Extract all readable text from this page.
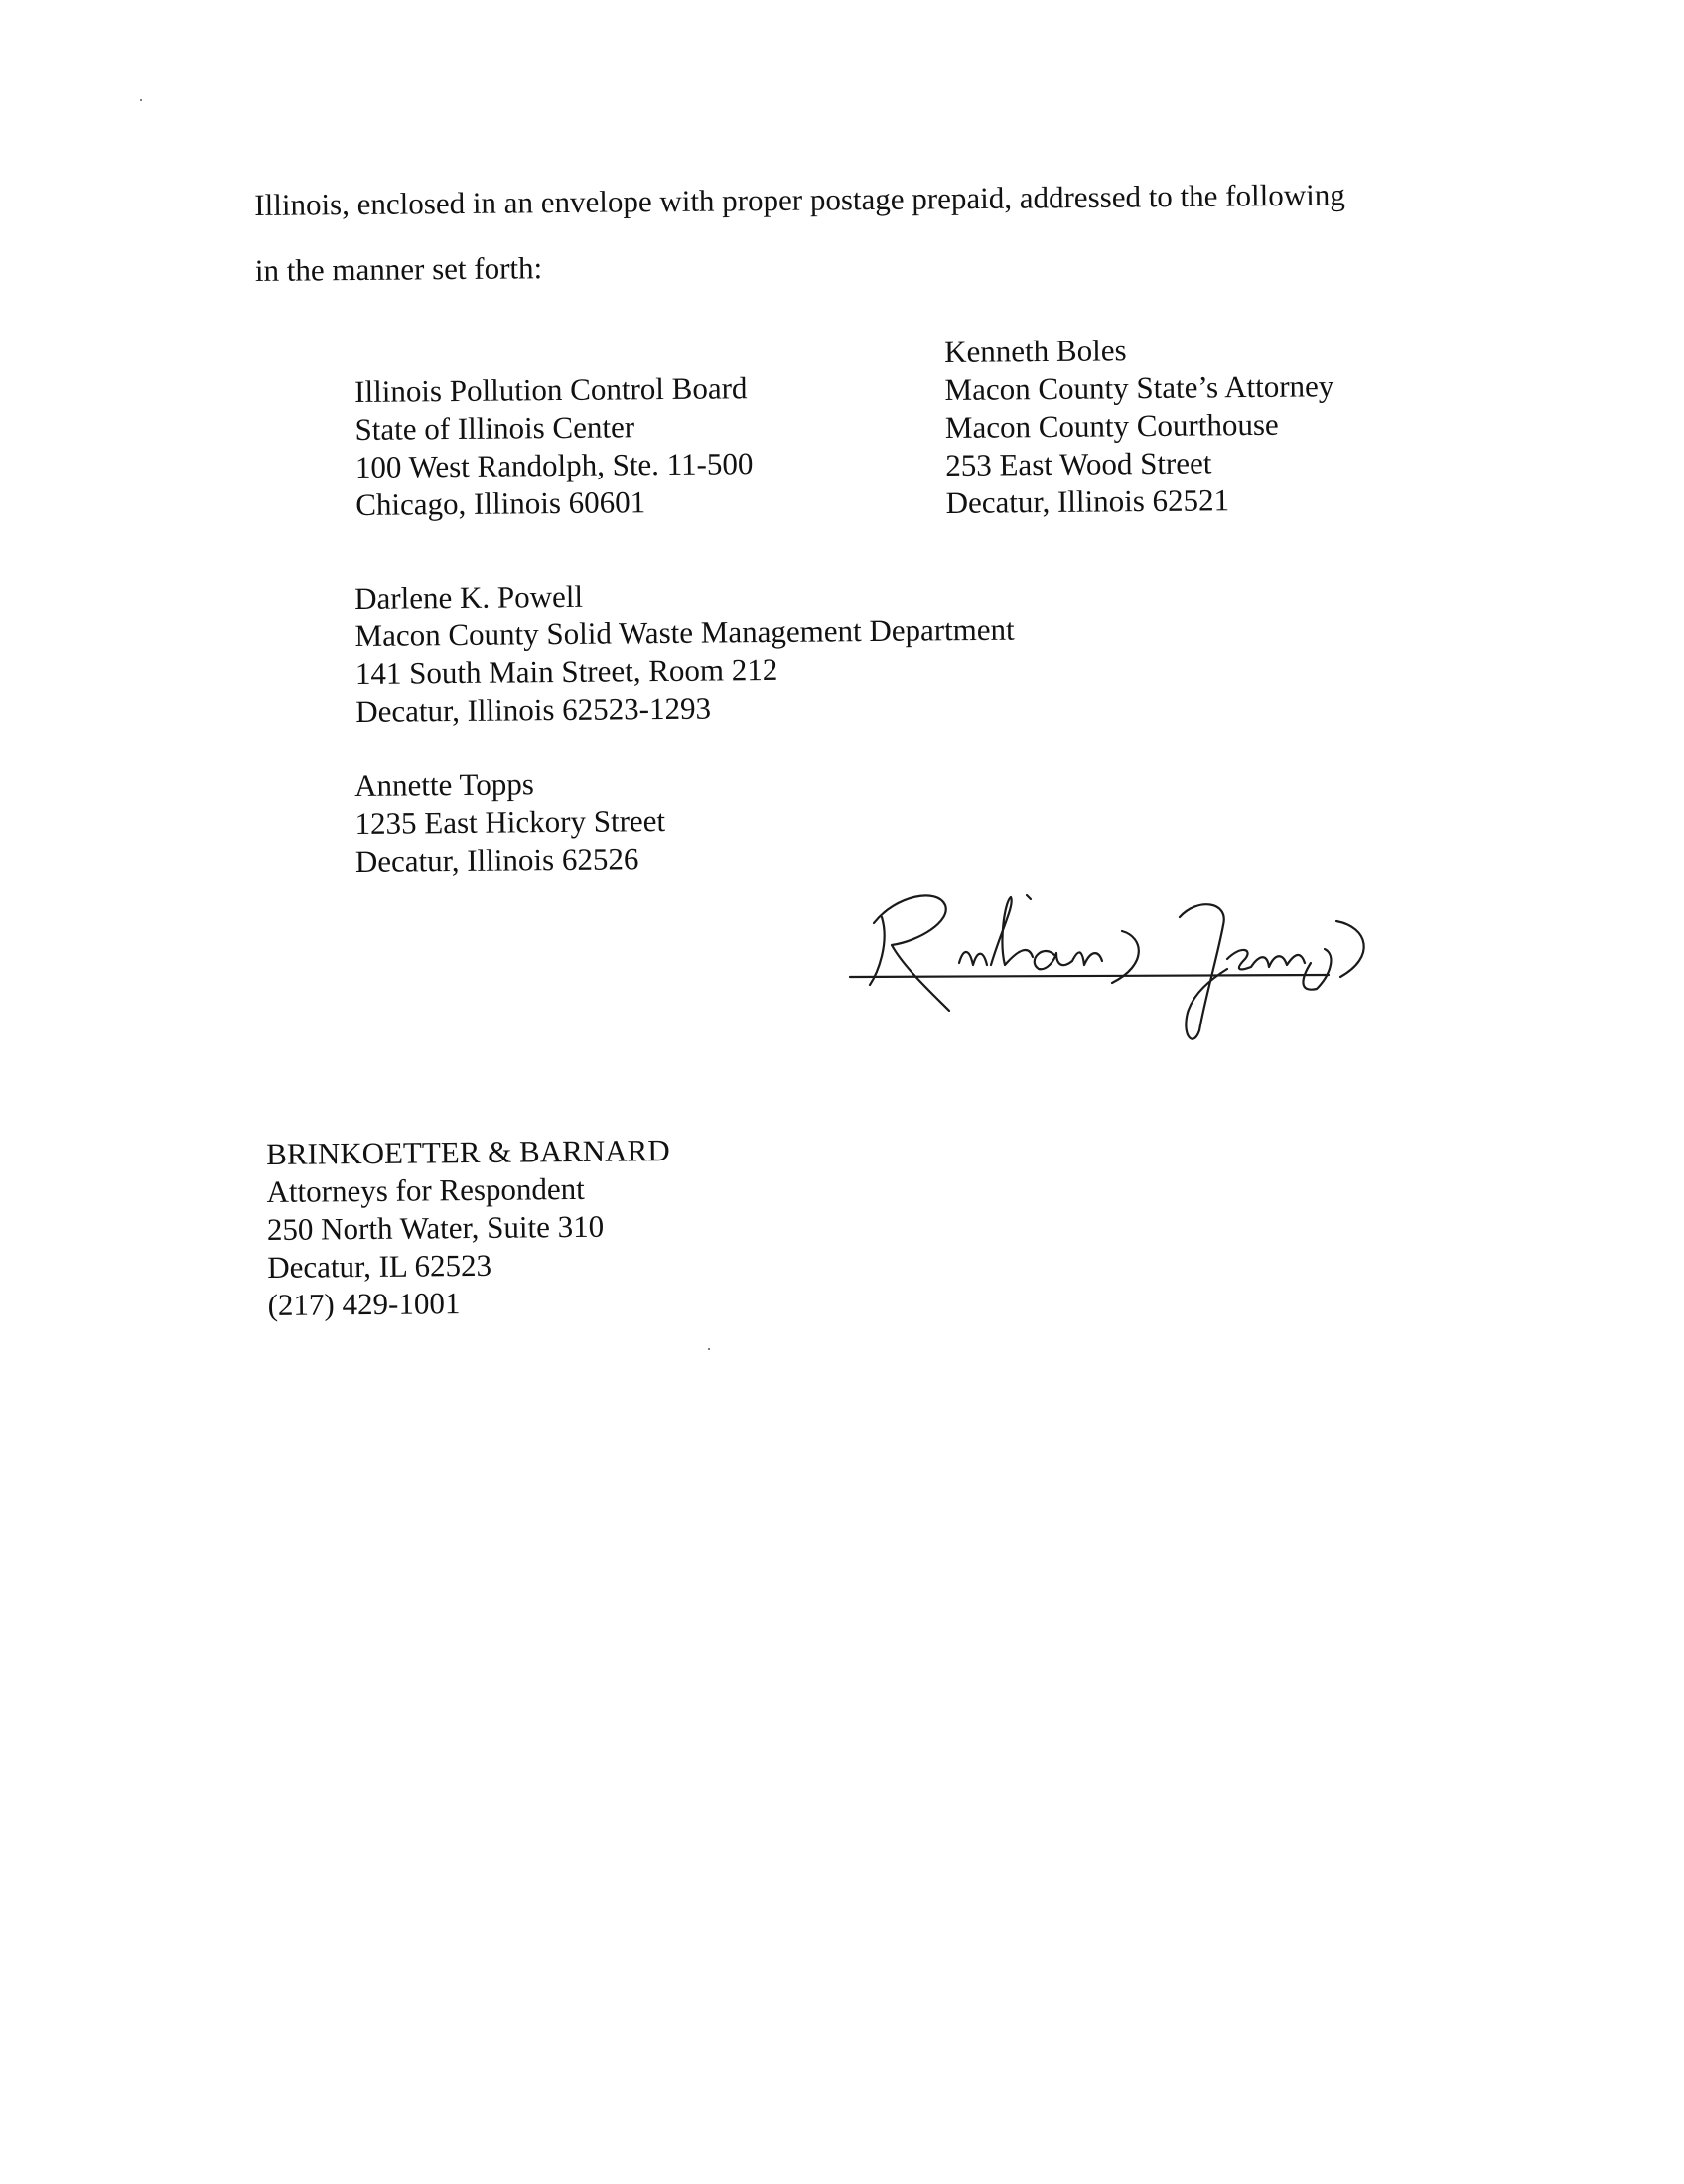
Illinois, enclosed in an envelope with proper postage prepaid, addressed to the following
in the manner set forth:
Illinois Pollution Control Board
State of Illinois Center
100 West Randolph, Ste. 11-500
Chicago, Illinois 60601
Kenneth Boles
Macon County State’s Attorney
Macon County Courthouse
253 East Wood Street
Decatur, Illinois 62521
Darlene K. Powell
Macon County Solid Waste Management Department
141 South Main Street, Room 212
Decatur, Illinois 62523-1293
Annette Topps
1235 East Hickory Street
Decatur, Illinois 62526
BRINKOETTER & BARNARD
Attorneys for Respondent
250 North Water, Suite 310
Decatur, IL 62523
(217) 429-1001
